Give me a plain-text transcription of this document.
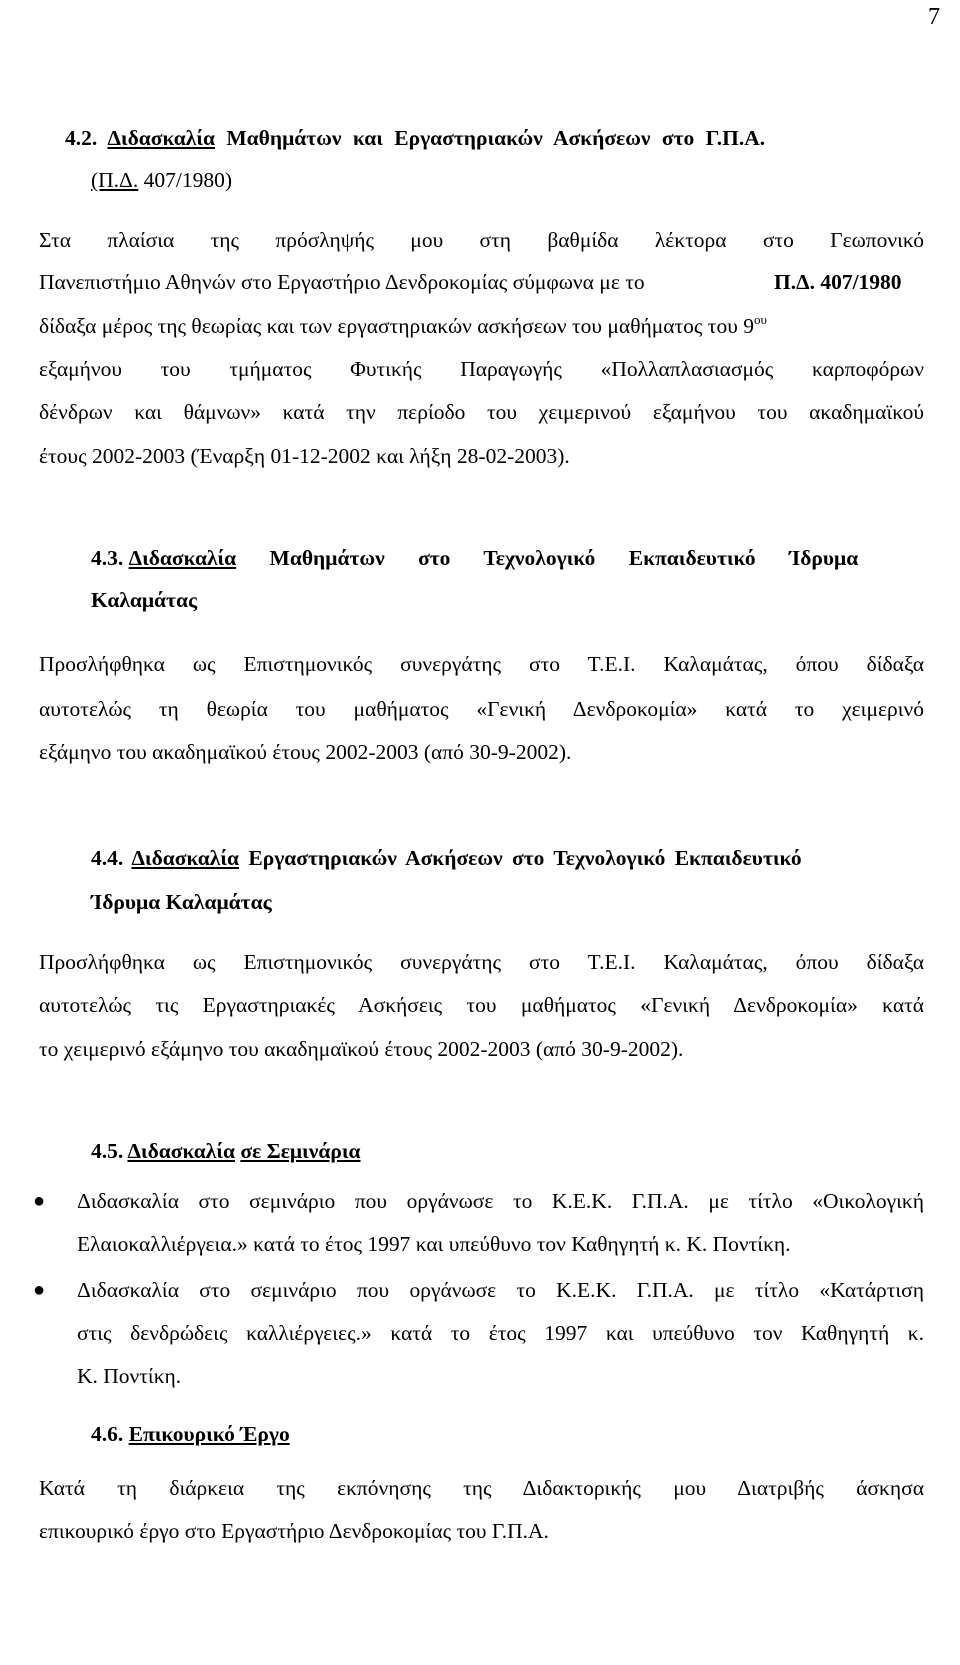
7
4.2. Διδασκαλία Μαθημάτων και Εργαστηριακών Ασκήσεων στο Γ.Π.Α.
(Π.Δ. 407/1980)
Στα πλαίσια της πρόσληψής μου στη βαθμίδα λέκτορα στο Γεωπονικό
Πανεπιστήμιο Αθηνών στο Εργαστήριο Δενδροκομίας σύμφωνα με το	Π.Δ. 407/1980
δίδαξα μέρος της θεωρίας και των εργαστηριακών ασκήσεων του μαθήματος του $9^{o\upsilon}$
εξαμήνου του τμήματος Φυτικής Παραγωγής «Πολλαπλασιασμός καρποφόρων
δένδρων και θάμνων» κατά την περίοδο του χειμερινού εξαμήνου του ακαδημαϊκού
έτους 2002-2003 (Έναρξη 01-12-2002 και λήξη 28-02-2003).
4.3. Διδασκαλία Μαθημάτων στο Τεχνολογικό Εκπαιδευτικό Ίδρυμα
Καλαμάτας
Προσλήφθηκα ως Επιστημονικός συνεργάτης στο Τ.Ε.Ι. Καλαμάτας, όπου δίδαξα
αυτοτελώς τη θεωρία του μαθήματος «Γενική Δενδροκομία» κατά το χειμερινό
εξάμηνο του ακαδημαϊκού έτους 2002-2003 (από 30-9-2002).
4.4. Διδασκαλία Εργαστηριακών Ασκήσεων στο Τεχνολογικό Εκπαιδευτικό
Ίδρυμα Καλαμάτας
Προσλήφθηκα ως Επιστημονικός συνεργάτης στο Τ.Ε.Ι. Καλαμάτας, όπου δίδαξα
αυτοτελώς τις Εργαστηριακές Ασκήσεις του μαθήματος «Γενική Δενδροκομία» κατά
το χειμερινό εξάμηνο του ακαδημαϊκού έτους 2002-2003 (από 30-9-2002).
4.5. Διδασκαλία σε Σεμινάρια
● Διδασκαλία στο σεμινάριο που οργάνωσε το Κ.Ε.Κ. Γ.Π.Α. με τίτλο «Οικολογική
Ελαιοκαλλιέργεια.» κατά το έτος 1997 και υπεύθυνο τον Καθηγητή κ. Κ. Ποντίκη.
● Διδασκαλία στο σεμινάριο που οργάνωσε το Κ.Ε.Κ. Γ.Π.Α. με τίτλο «Κατάρτιση
στις δενδρώδεις καλλιέργειες.» κατά το έτος 1997 και υπεύθυνο τον Καθηγητή κ.
Κ. Ποντίκη.
4.6. Επικουρικό Έργο
Κατά τη διάρκεια της εκπόνησης της Διδακτορικής μου Διατριβής άσκησα
επικουρικό έργο στο Εργαστήριο Δενδροκομίας του Γ.Π.Α.
